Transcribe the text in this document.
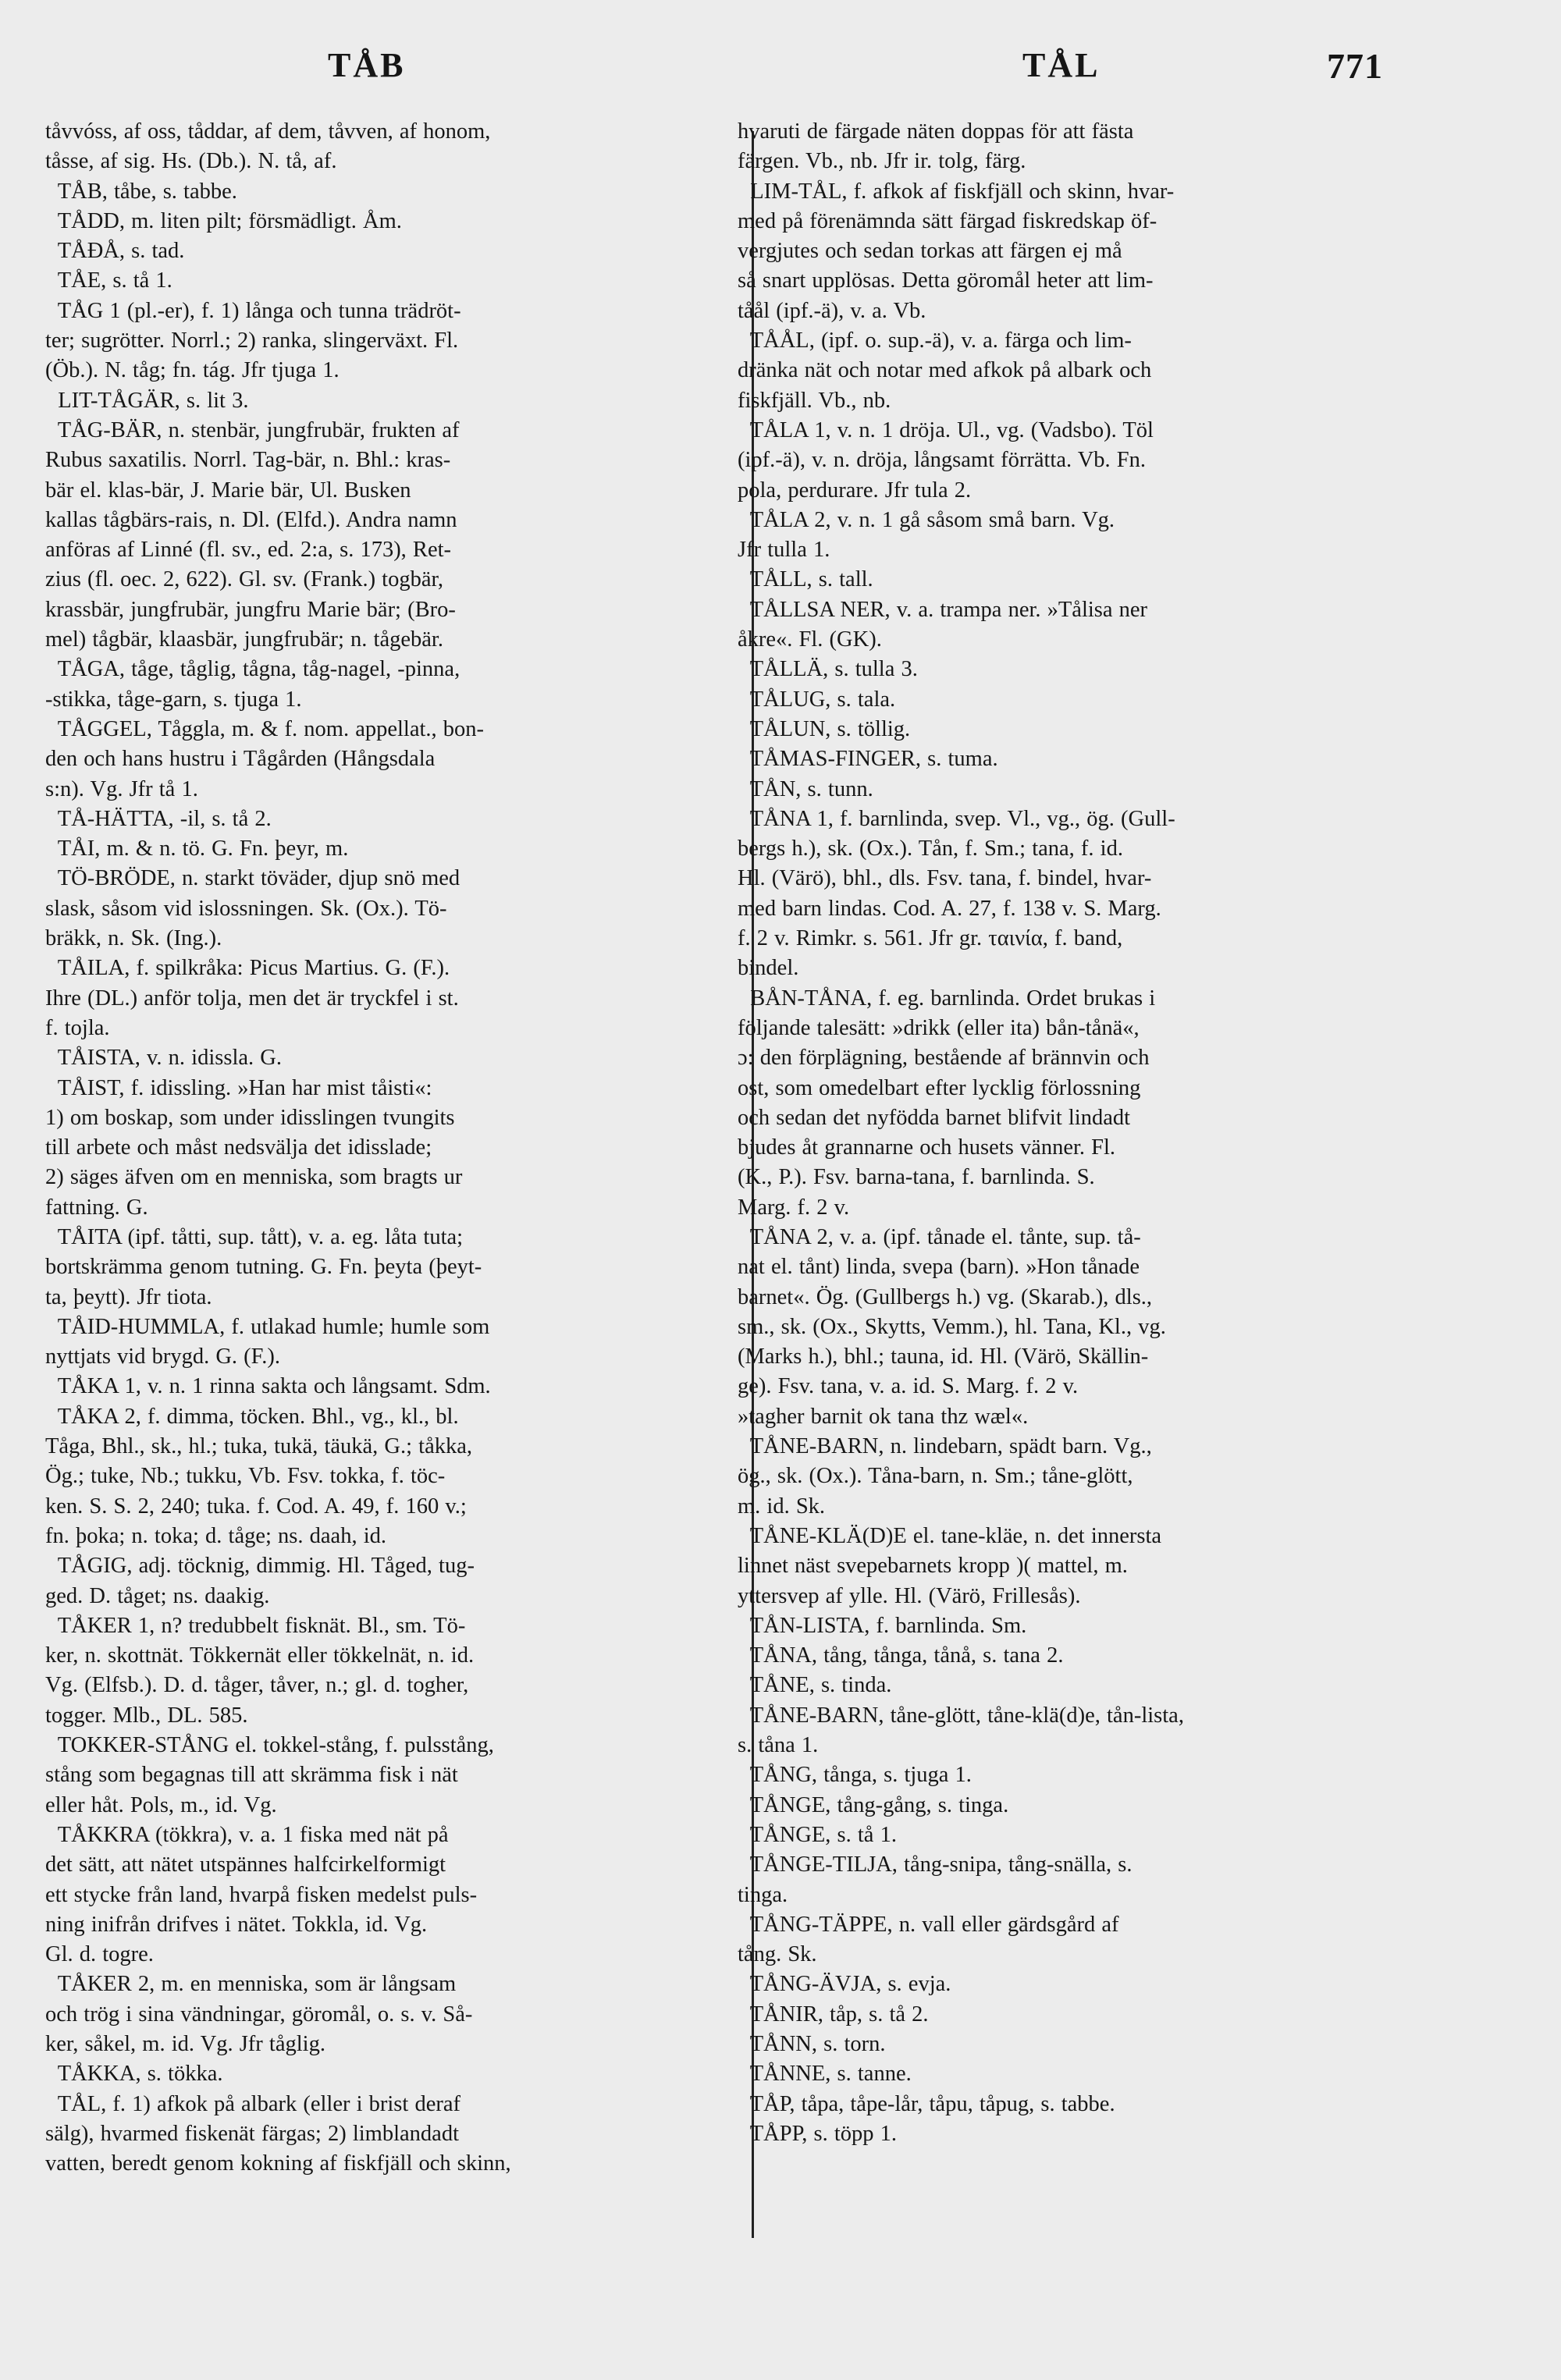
TÅB	TÅL	771
tåvvóss, af oss, tåddar, af dem, tåvven, af honom,
tåsse, af sig. Hs. (Db.). N. tå, af.
TÅB, tåbe, s. tabbe.
TÅDD, m. liten pilt; försmädligt. Åm.
TÅÐÅ, s. tad.
TÅE, s. tå 1.
TÅG 1 (pl.-er), f. 1) långa och tunna trädröt-
ter; sugrötter. Norrl.; 2) ranka, slingerväxt. Fl.
(Öb.). N. tåg; fn. tág. Jfr tjuga 1.
LIT-TÅGÄR, s. lit 3.
TÅG-BÄR, n. stenbär, jungfrubär, frukten af
Rubus saxatilis. Norrl. Tag-bär, n. Bhl.: kras-
bär el. klas-bär, J. Marie bär, Ul. Busken
kallas tågbärs-rais, n. Dl. (Elfd.). Andra namn
anföras af Linné (fl. sv., ed. 2:a, s. 173), Ret-
zius (fl. oec. 2, 622). Gl. sv. (Frank.) togbär,
krassbär, jungfrubär, jungfru Marie bär; (Bro-
mel) tågbär, klaasbär, jungfrubär; n. tågebär.
TÅGA, tåge, tåglig, tågna, tåg-nagel, -pinna,
-stikka, tåge-garn, s. tjuga 1.
TÅGGEL, Tåggla, m. & f. nom. appellat., bon-
den och hans hustru i Tågården (Hångsdala
s:n). Vg. Jfr tå 1.
TÅ-HÄTTA, -il, s. tå 2.
TÅI, m. & n. tö. G. Fn. þeyr, m.
TÖ-BRÖDE, n. starkt töväder, djup snö med
slask, såsom vid islossningen. Sk. (Ox.). Tö-
bräkk, n. Sk. (Ing.).
TÅILA, f. spilkråka: Picus Martius. G. (F.).
Ihre (DL.) anför tolja, men det är tryckfel i st.
f. tojla.
TÅISTA, v. n. idissla. G.
TÅIST, f. idissling. »Han har mist tåisti«:
1) om boskap, som under idisslingen tvungits
till arbete och måst nedsvälja det idisslade;
2) säges äfven om en menniska, som bragts ur
fattning. G.
TÅITA (ipf. tåtti, sup. tått), v. a. eg. låta tuta;
bortskrämma genom tutning. G. Fn. þeyta (þeyt-
ta, þeytt). Jfr tiota.
TÅID-HUMMLA, f. utlakad humle; humle som
nyttjats vid brygd. G. (F.).
TÅKA 1, v. n. 1 rinna sakta och långsamt. Sdm.
TÅKA 2, f. dimma, töcken. Bhl., vg., kl., bl.
Tåga, Bhl., sk., hl.; tuka, tukä, täukä, G.; tåkka,
Ög.; tuke, Nb.; tukku, Vb. Fsv. tokka, f. töc-
ken. S. S. 2, 240; tuka. f. Cod. A. 49, f. 160 v.;
fn. þoka; n. toka; d. tåge; ns. daah, id.
TÅGIG, adj. töcknig, dimmig. Hl. Tåged, tug-
ged. D. tåget; ns. daakig.
TÅKER 1, n? tredubbelt fisknät. Bl., sm. Tö-
ker, n. skottnät. Tökkernät eller tökkelnät, n. id.
Vg. (Elfsb.). D. d. tåger, tåver, n.; gl. d. togher,
togger. Mlb., DL. 585.
TOKKER-STÅNG el. tokkel-stång, f. pulsstång,
stång som begagnas till att skrämma fisk i nät
eller håt. Pols, m., id. Vg.
TÅKKRA (tökkra), v. a. 1 fiska med nät på
det sätt, att nätet utspännes halfcirkelformigt
ett stycke från land, hvarpå fisken medelst puls-
ning inifrån drifves i nätet. Tokkla, id. Vg.
Gl. d. togre.
TÅKER 2, m. en menniska, som är långsam
och trög i sina vändningar, göromål, o. s. v. Så-
ker, såkel, m. id. Vg. Jfr tåglig.
TÅKKA, s. tökka.
TÅL, f. 1) afkok på albark (eller i brist deraf
sälg), hvarmed fiskenät färgas; 2) limblandadt
vatten, beredt genom kokning af fiskfjäll och skinn,
hvaruti de färgade näten doppas för att fästa
färgen. Vb., nb. Jfr ir. tolg, färg.
LIM-TÅL, f. afkok af fiskfjäll och skinn, hvar-
med på förenämnda sätt färgad fiskredskap öf-
vergjutes och sedan torkas att färgen ej må
så snart upplösas. Detta göromål heter att lim-
tåål (ipf.-ä), v. a. Vb.
TÅÅL, (ipf. o. sup.-ä), v. a. färga och lim-
dränka nät och notar med afkok på albark och
fiskfjäll. Vb., nb.
TÅLA 1, v. n. 1 dröja. Ul., vg. (Vadsbo). Töl
(ipf.-ä), v. n. dröja, långsamt förrätta. Vb. Fn.
pola, perdurare. Jfr tula 2.
TÅLA 2, v. n. 1 gå såsom små barn. Vg.
Jfr tulla 1.
TÅLL, s. tall.
TÅLLSA NER, v. a. trampa ner. »Tålisa ner
åkre«. Fl. (GK).
TÅLLÄ, s. tulla 3.
TÅLUG, s. tala.
TÅLUN, s. töllig.
TÅMAS-FINGER, s. tuma.
TÅN, s. tunn.
TÅNA 1, f. barnlinda, svep. Vl., vg., ög. (Gull-
bergs h.), sk. (Ox.). Tån, f. Sm.; tana, f. id.
Hl. (Värö), bhl., dls. Fsv. tana, f. bindel, hvar-
med barn lindas. Cod. A. 27, f. 138 v. S. Marg.
f. 2 v. Rimkr. s. 561. Jfr gr. ταινία, f. band,
bindel.
BÅN-TÅNA, f. eg. barnlinda. Ordet brukas i
följande talesätt: »drikk (eller ita) bån-tånä«,
ɔ: den förplägning, bestående af brännvin och
ost, som omedelbart efter lycklig förlossning
och sedan det nyfödda barnet blifvit lindadt
bjudes åt grannarne och husets vänner. Fl.
(K., P.). Fsv. barna-tana, f. barnlinda. S.
Marg. f. 2 v.
TÅNA 2, v. a. (ipf. tånade el. tånte, sup. tå-
nat el. tånt) linda, svepa (barn). »Hon tånade
barnet«. Ög. (Gullbergs h.) vg. (Skarab.), dls.,
sm., sk. (Ox., Skytts, Vemm.), hl. Tana, Kl., vg.
(Marks h.), bhl.; tauna, id. Hl. (Värö, Skällin-
ge). Fsv. tana, v. a. id. S. Marg. f. 2 v.
»tagher barnit ok tana thz wæl«.
TÅNE-BARN, n. lindebarn, spädt barn. Vg.,
ög., sk. (Ox.). Tåna-barn, n. Sm.; tåne-glött,
m. id. Sk.
TÅNE-KLÄ(D)E el. tane-kläe, n. det innersta
linnet näst svepebarnets kropp )( mattel, m.
yttersvep af ylle. Hl. (Värö, Frillesås).
TÅN-LISTA, f. barnlinda. Sm.
TÅNA, tång, tånga, tånå, s. tana 2.
TÅNE, s. tinda.
TÅNE-BARN, tåne-glött, tåne-klä(d)e, tån-lista,
s. tåna 1.
TÅNG, tånga, s. tjuga 1.
TÅNGE, tång-gång, s. tinga.
TÅNGE, s. tå 1.
TÅNGE-TILJA, tång-snipa, tång-snälla, s.
tinga.
TÅNG-TÄPPE, n. vall eller gärdsgård af
tång. Sk.
TÅNG-ÄVJA, s. evja.
TÅNIR, tåp, s. tå 2.
TÅNN, s. torn.
TÅNNE, s. tanne.
TÅP, tåpa, tåpe-lår, tåpu, tåpug, s. tabbe.
TÅPP, s. töpp 1.
